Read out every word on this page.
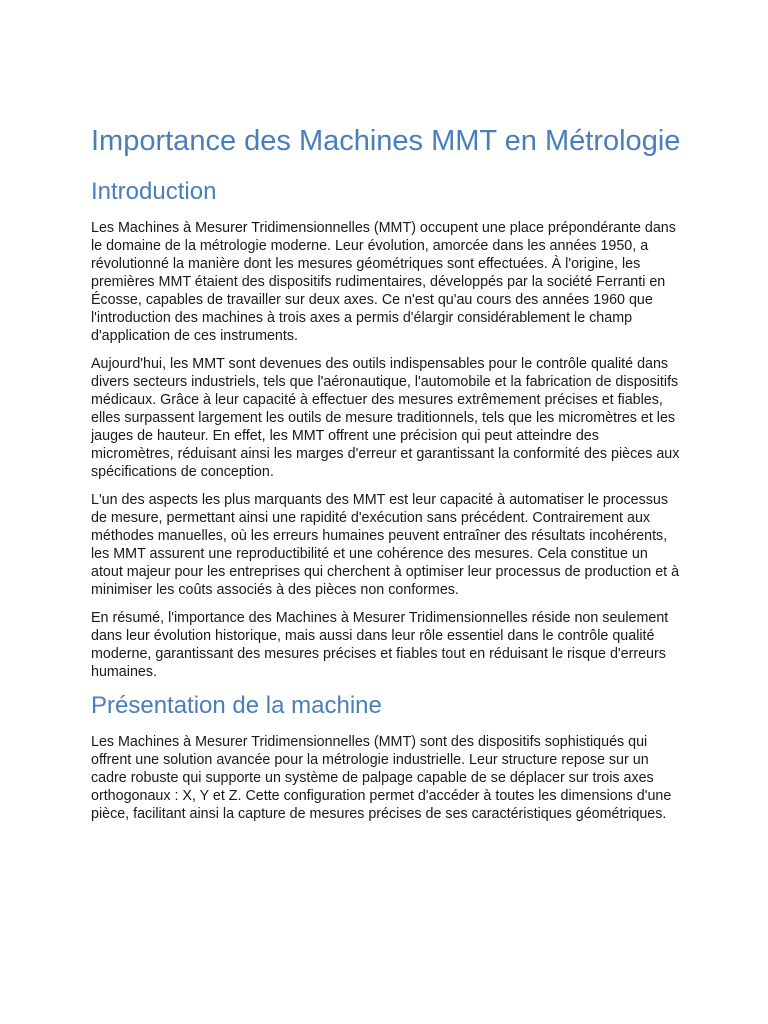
Importance des Machines MMT en Métrologie
Introduction

Les Machines à Mesurer Tridimensionnelles (MMT) occupent une place prépondérante dans le domaine de la métrologie moderne. Leur évolution, amorcée dans les années 1950, a révolutionné la manière dont les mesures géométriques sont effectuées. À l'origine, les premières MMT étaient des dispositifs rudimentaires, développés par la société Ferranti en Écosse, capables de travailler sur deux axes. Ce n'est qu'au cours des années 1960 que l'introduction des machines à trois axes a permis d'élargir considérablement le champ d'application de ces instruments.

Aujourd'hui, les MMT sont devenues des outils indispensables pour le contrôle qualité dans divers secteurs industriels, tels que l'aéronautique, l'automobile et la fabrication de dispositifs médicaux. Grâce à leur capacité à effectuer des mesures extrêmement précises et fiables, elles surpassent largement les outils de mesure traditionnels, tels que les micromètres et les jauges de hauteur. En effet, les MMT offrent une précision qui peut atteindre des micromètres, réduisant ainsi les marges d'erreur et garantissant la conformité des pièces aux spécifications de conception.

L'un des aspects les plus marquants des MMT est leur capacité à automatiser le processus de mesure, permettant ainsi une rapidité d'exécution sans précédent. Contrairement aux méthodes manuelles, où les erreurs humaines peuvent entraîner des résultats incohérents, les MMT assurent une reproductibilité et une cohérence des mesures. Cela constitue un atout majeur pour les entreprises qui cherchent à optimiser leur processus de production et à minimiser les coûts associés à des pièces non conformes.

En résumé, l'importance des Machines à Mesurer Tridimensionnelles réside non seulement dans leur évolution historique, mais aussi dans leur rôle essentiel dans le contrôle qualité moderne, garantissant des mesures précises et fiables tout en réduisant le risque d'erreurs humaines.

Présentation de la machine

Les Machines à Mesurer Tridimensionnelles (MMT) sont des dispositifs sophistiqués qui offrent une solution avancée pour la métrologie industrielle. Leur structure repose sur un cadre robuste qui supporte un système de palpage capable de se déplacer sur trois axes orthogonaux : X, Y et Z. Cette configuration permet d'accéder à toutes les dimensions d'une pièce, facilitant ainsi la capture de mesures précises de ses caractéristiques géométriques.
